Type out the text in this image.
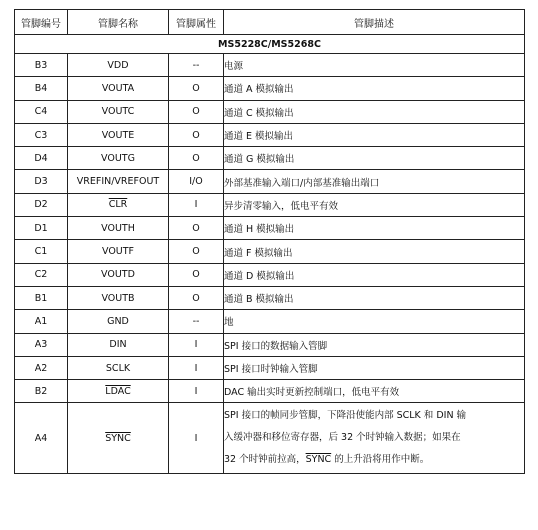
管脚编号	管脚名称	管脚属性	管脚描述
MS5228C/MS5268C			
B3	VDD	--	电源
B4	VOUTA	O	通道 A 模拟输出
C4	VOUTC	O	通道 C 模拟输出
C3	VOUTE	O	通道 E 模拟输出
D4	VOUTG	O	通道 G 模拟输出
D3	VREFIN/VREFOUT	I/O	外部基准输入端口/内部基准输出端口
D2	$\overline{CLR}$	I	异步清零输入，低电平有效
D1	VOUTH	O	通道 H 模拟输出
C1	VOUTF	O	通道 F 模拟输出
C2	VOUTD	O	通道 D 模拟输出
B1	VOUTB	O	通道 B 模拟输出
A1	GND	--	地
A3	DIN	I	SPI 接口的数据输入管脚
A2	SCLK	I	SPI 接口时钟输入管脚
B2	LDAC	I	DAC 输出实时更新控制端口，低电平有效
A4	SYNC	I	SPI 接口的帧同步管脚，下降沿使能内部 SCLK 和 DIN 输
入缓冲器和移位寄存器，后 32 个时钟输入数据；如果在
32 个时钟前拉高，SYNC 的上升沿将用作中断。
